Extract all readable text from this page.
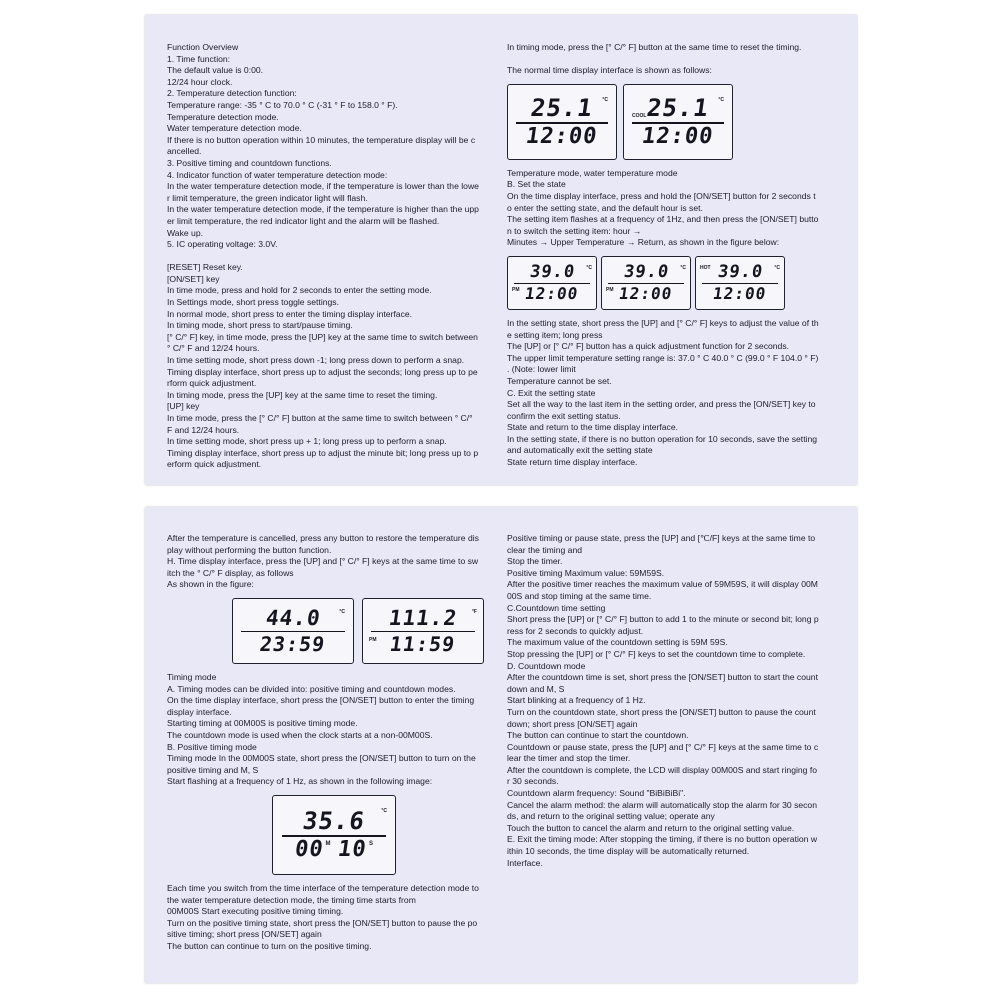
Function Overview
1. Time function:
The default value is 0:00.
12/24 hour clock.
2. Temperature detection function:
Temperature range: -35 ° C to 70.0 ° C (-31 ° F to 158.0 ° F).
Temperature detection mode.
Water temperature detection mode.
If there is no button operation within 10 minutes, the temperature display will be c
ancelled.
3. Positive timing and countdown functions.
4. Indicator function of water temperature detection mode:
In the water temperature detection mode, if the temperature is lower than the lowe
r limit temperature, the green indicator light will flash.
In the water temperature detection mode, if the temperature is higher than the upp
er limit temperature, the red indicator light and the alarm will be flashed.
Wake up.
5. IC operating voltage: 3.0V.
[RESET] Reset key.
[ON/SET] key
In time mode, press and hold for 2 seconds to enter the setting mode.
In Settings mode, short press toggle settings.
In normal mode, short press to enter the timing display interface.
In timing mode, short press to start/pause timing.
[° C/° F] key, in time mode, press the [UP] key at the same time to switch between
° C/° F and 12/24 hours.
In time setting mode, short press down -1; long press down to perform a snap.
Timing display interface, short press up to adjust the seconds; long press up to pe
rform quick adjustment.
In timing mode, press the [UP] key at the same time to reset the timing.
[UP] key
In time mode, press the [° C/° F] button at the same time to switch between ° C/°
F and 12/24 hours.
In time setting mode, short press up + 1; long press up to perform a snap.
Timing display interface, short press up to adjust the minute bit; long press up to p
erform quick adjustment.
In timing mode, press the [° C/° F] button at the same time to reset the timing.
The normal time display interface is shown as follows:
25.1 °C
12:00
COOL
25.1 °C
12:00
Temperature mode, water temperature mode
B. Set the state
On the time display interface, press and hold the [ON/SET] button for 2 seconds t
o enter the setting state, and the default hour is set.
The setting item flashes at a frequency of 1Hz, and then press the [ON/SET] butto
n to switch the setting item: hour →
Minutes → Upper Temperature → Return, as shown in the figure below:
PM
39.0 °C
12:00	PM
39.0 °C
12:00
HOT 39.0 °C
12:00
In the setting state, short press the [UP] and [° C/° F] keys to adjust the value of th
e setting item; long press
The [UP] or [° C/° F] button has a quick adjustment function for 2 seconds.
The upper limit temperature setting range is: 37.0 ° C 40.0 ° C (99.0 ° F 104.0 ° F)
. (Note: lower limit
Temperature cannot be set.
C. Exit the setting state
Set all the way to the last item in the setting order, and press the [ON/SET] key to
confirm the exit setting status.
State and return to the time display interface.
In the setting state, if there is no button operation for 10 seconds, save the setting
and automatically exit the setting state
State return time display interface.
After the temperature is cancelled, press any button to restore the temperature dis
play without performing the button function.
H. Time display interface, press the [UP] and [° C/° F] keys at the same time to sw
itch the ° C/° F display, as follows
As shown in the figure:
44.0	°C
23:59	PM
111.2	°F
11:59
Timing mode
A. Timing modes can be divided into: positive timing and countdown modes.
On the time display interface, short press the [ON/SET] button to enter the timing
display interface.
Starting timing at 00M00S is positive timing mode.
The countdown mode is used when the clock starts at a non-00M00S.
B. Positive timing mode
Timing mode In the 00M00S state, short press the [ON/SET] button to turn on the
positive timing and M, S
Start flashing at a frequency of 1 Hz, as shown in the following image:
35.6	°C
00 M 10 S
Each time you switch from the time interface of the temperature detection mode to
the water temperature detection mode, the timing time starts from
00M00S Start executing positive timing timing.
Turn on the positive timing state, short press the [ON/SET] button to pause the po
sitive timing; short press [ON/SET] again
The button can continue to turn on the positive timing.
Positive timing or pause state, press the [UP] and [℃/F] keys at the same time to
clear the timing and
Stop the timer.
Positive timing Maximum value: 59M59S.
After the positive timer reaches the maximum value of 59M59S, it will display 00M
00S and stop timing at the same time.
C.Countdown time setting
Short press the [UP] or [° C/° F] button to add 1 to the minute or second bit; long p
ress for 2 seconds to quickly adjust.
The maximum value of the countdown setting is 59M 59S.
Stop pressing the [UP] or [° C/° F] keys to set the countdown time to complete.
D. Countdown mode
After the countdown time is set, short press the [ON/SET] button to start the count
down and M, S
Start blinking at a frequency of 1 Hz.
Turn on the countdown state, short press the [ON/SET] button to pause the count
down; short press [ON/SET] again
The button can continue to start the countdown.
Countdown or pause state, press the [UP] and [° C/° F] keys at the same time to c
lear the timer and stop the timer.
After the countdown is complete, the LCD will display 00M00S and start ringing fo
r 30 seconds.
Countdown alarm frequency: Sound "BiBiBiBi".
Cancel the alarm method: the alarm will automatically stop the alarm for 30 secon
ds, and return to the original setting value; operate any
Touch the button to cancel the alarm and return to the original setting value.
E. Exit the timing mode: After stopping the timing, if there is no button operation w
ithin 10 seconds, the time display will be automatically returned.
Interface.
